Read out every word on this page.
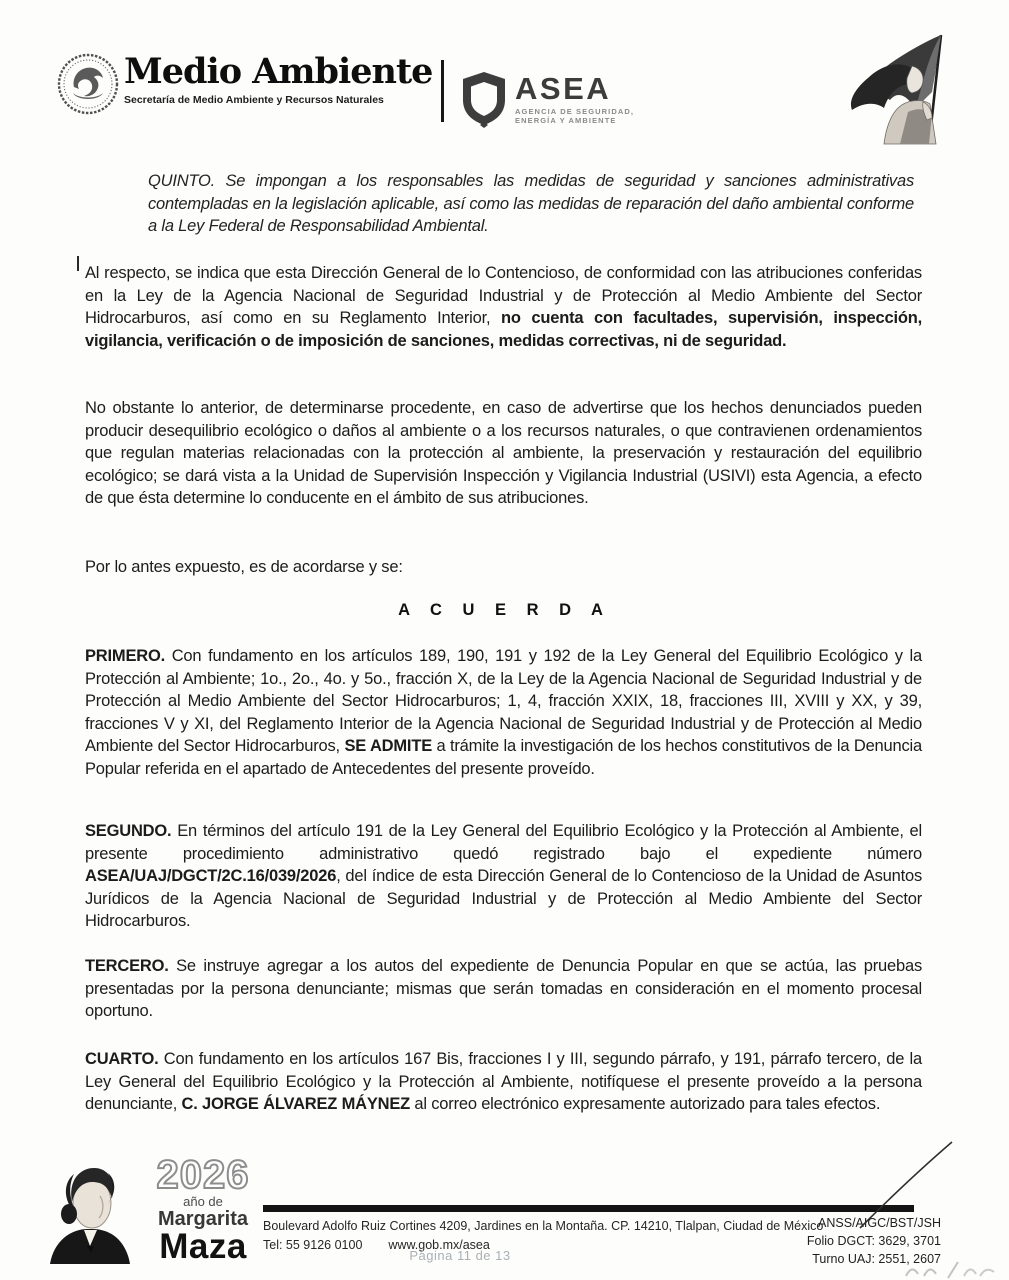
Medio Ambiente
Secretaría de Medio Ambiente y Recursos Naturales	ASEA
AGENCIA DE SEGURIDAD,
ENERGÍA Y AMBIENTE
QUINTO. Se impongan a los responsables las medidas de seguridad y sanciones administrativas contempladas en la legislación aplicable, así como las medidas de reparación del daño ambiental conforme a la Ley Federal de Responsabilidad Ambiental.
Al respecto, se indica que esta Dirección General de lo Contencioso, de conformidad con las atribuciones conferidas en la Ley de la Agencia Nacional de Seguridad Industrial y de Protección al Medio Ambiente del Sector Hidrocarburos, así como en su Reglamento Interior, no cuenta con facultades, supervisión, inspección, vigilancia, verificación o de imposición de sanciones, medidas correctivas, ni de seguridad.
No obstante lo anterior, de determinarse procedente, en caso de advertirse que los hechos denunciados pueden producir desequilibrio ecológico o daños al ambiente o a los recursos naturales, o que contravienen ordenamientos que regulan materias relacionadas con la protección al ambiente, la preservación y restauración del equilibrio ecológico; se dará vista a la Unidad de Supervisión Inspección y Vigilancia Industrial (USIVI) esta Agencia, a efecto de que ésta determine lo conducente en el ámbito de sus atribuciones.
Por lo antes expuesto, es de acordarse y se:
A C U E R D A
PRIMERO. Con fundamento en los artículos 189, 190, 191 y 192 de la Ley General del Equilibrio Ecológico y la Protección al Ambiente; 1o., 2o., 4o. y 5o., fracción X, de la Ley de la Agencia Nacional de Seguridad Industrial y de Protección al Medio Ambiente del Sector Hidrocarburos; 1, 4, fracción XXIX, 18, fracciones III, XVIII y XX, y 39, fracciones V y XI, del Reglamento Interior de la Agencia Nacional de Seguridad Industrial y de Protección al Medio Ambiente del Sector Hidrocarburos, SE ADMITE a trámite la investigación de los hechos constitutivos de la Denuncia Popular referida en el apartado de Antecedentes del presente proveído.
SEGUNDO. En términos del artículo 191 de la Ley General del Equilibrio Ecológico y la Protección al Ambiente, el presente procedimiento administrativo quedó registrado bajo el expediente número ASEA/UAJ/DGCT/2C.16/039/2026, del índice de esta Dirección General de lo Contencioso de la Unidad de Asuntos Jurídicos de la Agencia Nacional de Seguridad Industrial y de Protección al Medio Ambiente del Sector Hidrocarburos.
TERCERO. Se instruye agregar a los autos del expediente de Denuncia Popular en que se actúa, las pruebas presentadas por la persona denunciante; mismas que serán tomadas en consideración en el momento procesal oportuno.
CUARTO. Con fundamento en los artículos 167 Bis, fracciones I y III, segundo párrafo, y 191, párrafo tercero, de la Ley General del Equilibrio Ecológico y la Protección al Ambiente, notifíquese el presente proveído a la persona denunciante, C. JORGE ÁLVAREZ MÁYNEZ al correo electrónico expresamente autorizado para tales efectos.
2026
año de
Margarita
Maza
Boulevard Adolfo Ruiz Cortines 4209, Jardines en la Montaña. CP. 14210, Tlalpan, Ciudad de México
Tel: 55 9126 0100 www.gob.mx/asea
ANSS/AIGC/BST/JSH
Folio DGCT: 3629, 3701
Turno UAJ: 2551, 2607
Página 11 de 13
